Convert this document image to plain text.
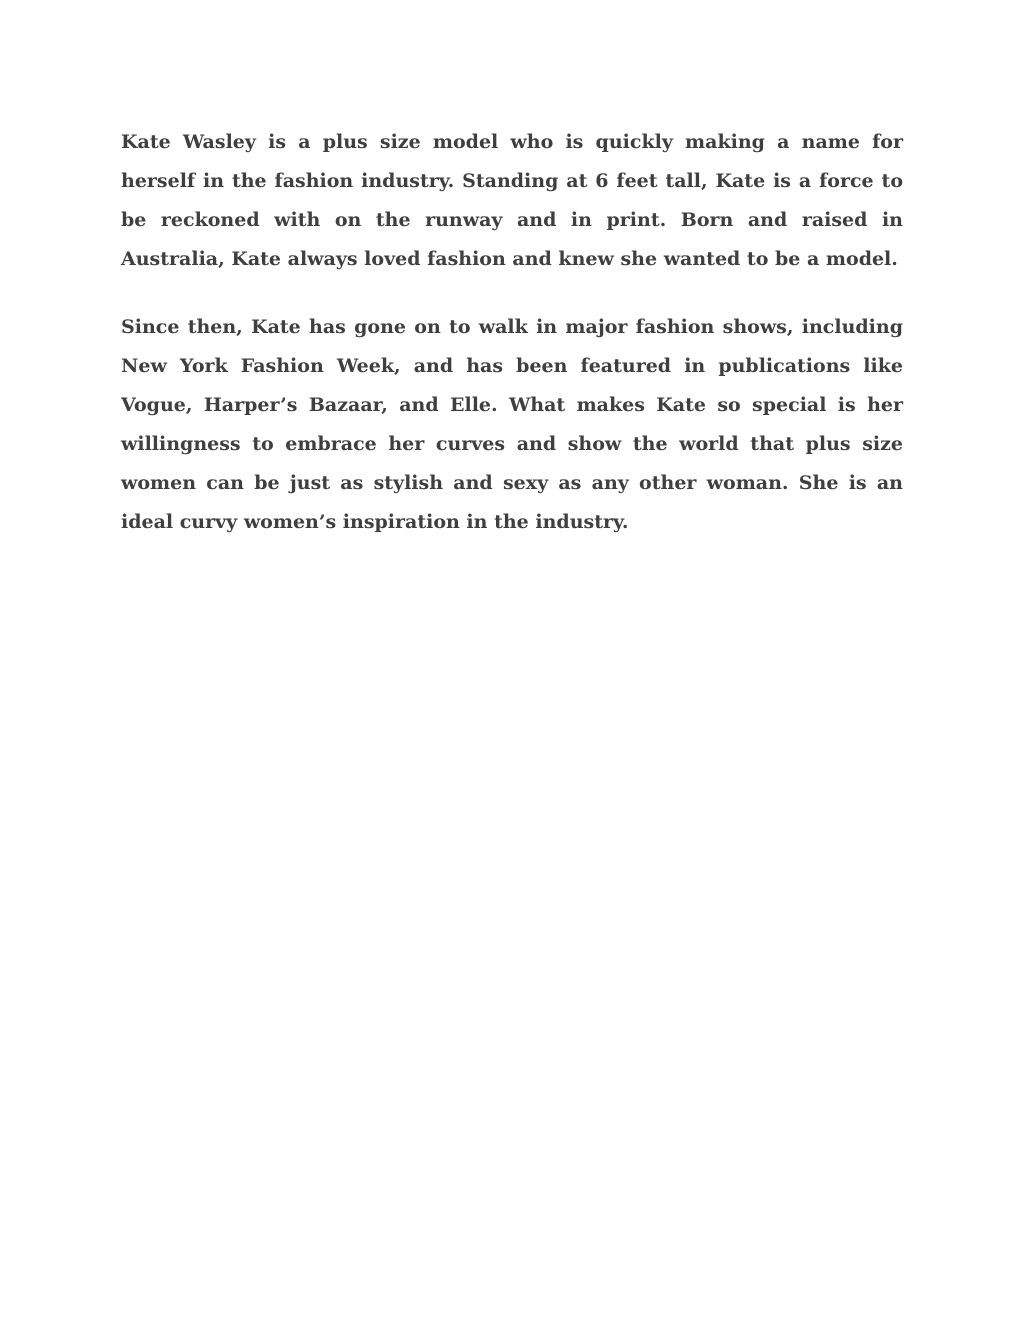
Kate Wasley is a plus size model who is quickly making a name for herself in the fashion industry. Standing at 6 feet tall, Kate is a force to be reckoned with on the runway and in print. Born and raised in Australia, Kate always loved fashion and knew she wanted to be a model.

Since then, Kate has gone on to walk in major fashion shows, including New York Fashion Week, and has been featured in publications like Vogue, Harper’s Bazaar, and Elle. What makes Kate so special is her willingness to embrace her curves and show the world that plus size women can be just as stylish and sexy as any other woman. She is an ideal curvy women’s inspiration in the industry.
